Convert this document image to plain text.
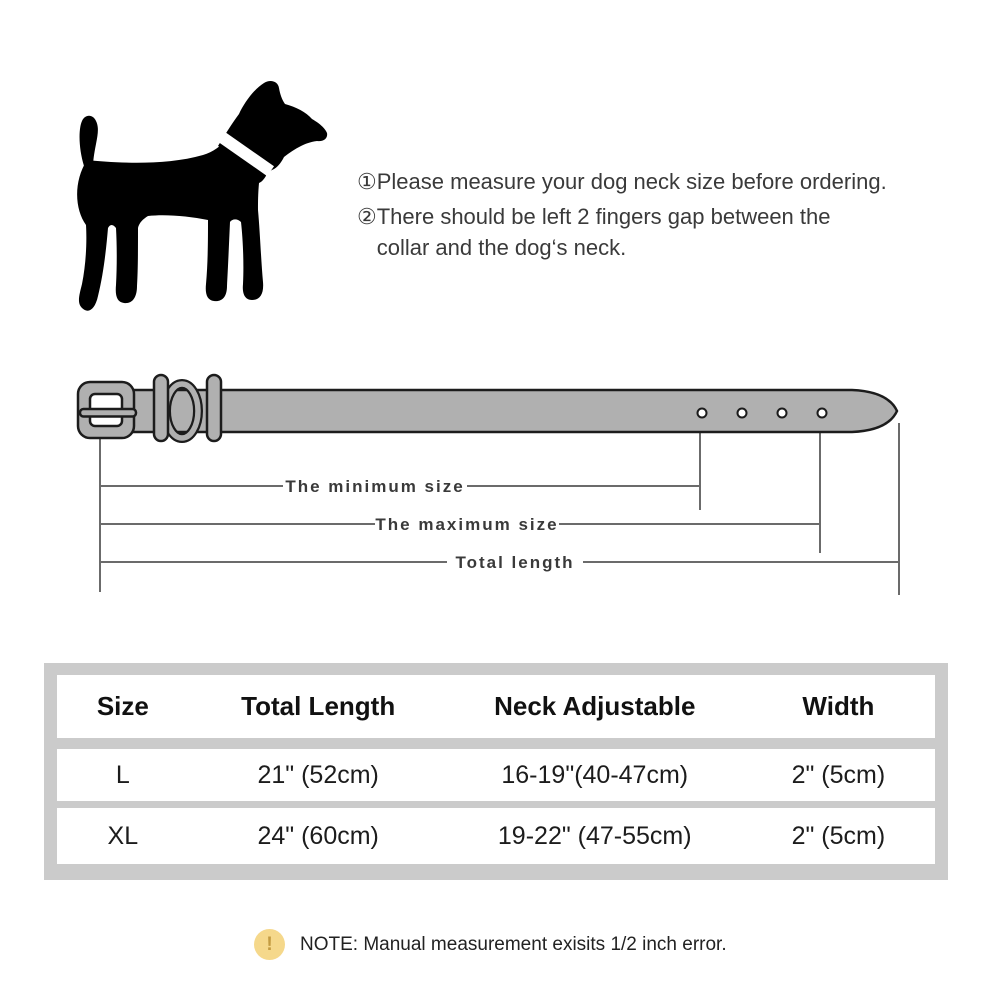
① Please measure your dog neck size before ordering.
② There should be left 2 fingers gap between the collar and the dog‘s neck.
The minimum size
The maximum size
Total length
Size	Total Length	Neck Adjustable	Width
L	21" (52cm)	16-19"(40-47cm)	2" (5cm)
XL	24" (60cm)	19-22" (47-55cm)	2" (5cm)
!	NOTE: Manual measurement exisits 1/2 inch error.
